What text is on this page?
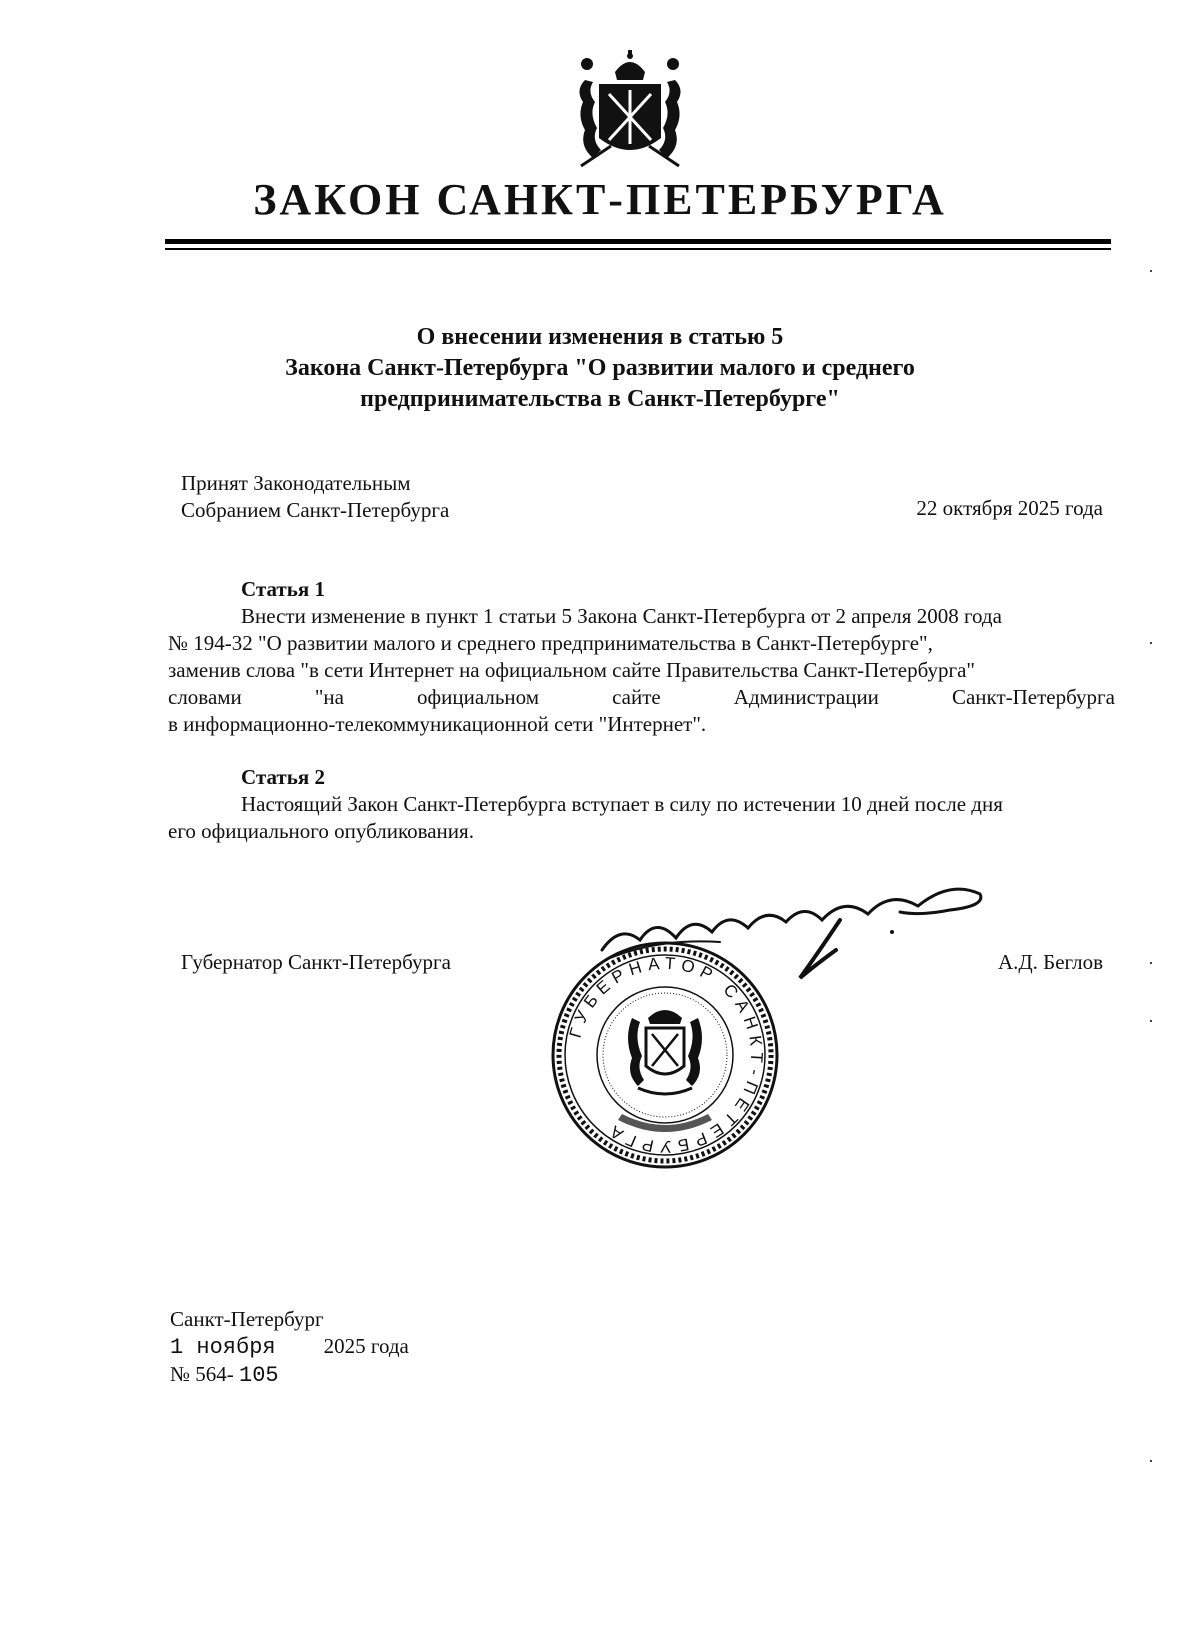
ЗАКОН САНКТ-ПЕТЕРБУРГА
О внесении изменения в статью 5
Закона Санкт-Петербурга "О развитии малого и среднего
предпринимательства в Санкт-Петербурге"
Принят Законодательным
Собранием Санкт-Петербурга	22 октября 2025 года
Статья 1
Внести изменение в пункт 1 статьи 5 Закона Санкт-Петербурга от 2 апреля 2008 года
№ 194-32 "О развитии малого и среднего предпринимательства в Санкт-Петербурге",
заменив слова "в сети Интернет на официальном сайте Правительства Санкт-Петербурга"
словами	"на	официальном	сайте	Администрации	Санкт-Петербурга
в информационно-телекоммуникационной сети "Интернет".
Статья 2
Настоящий Закон Санкт-Петербурга вступает в силу по истечении 10 дней после дня
его официального опубликования.
Губернатор Санкт-Петербурга	А.Д. Беглов
ГУБЕРНАТОР САНКТ-ПЕТЕРБУРГА
Санкт-Петербург
1 ноября 2025 года
№ 564- 105
